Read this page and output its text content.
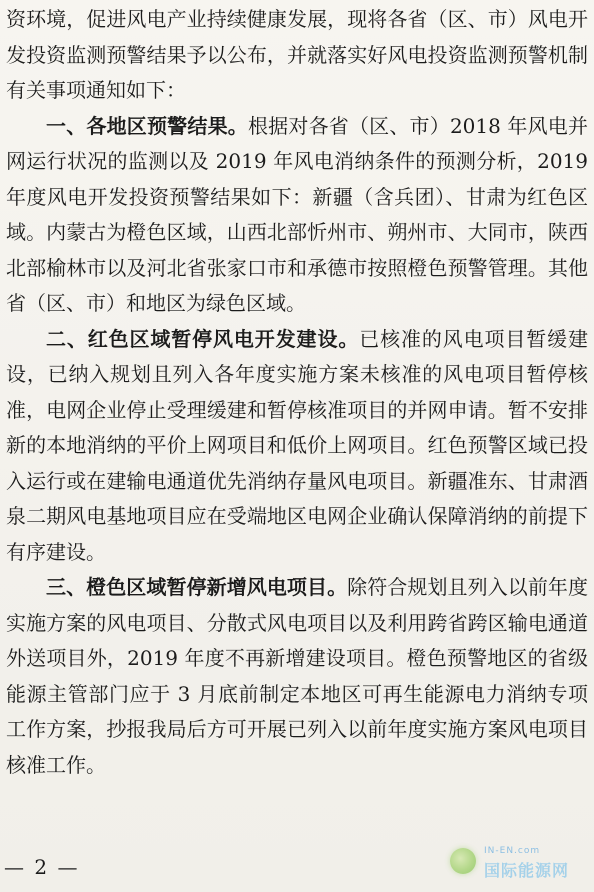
资环境，促进风电产业持续健康发展，现将各省（区、市）风电开发投资监测预警结果予以公布，并就落实好风电投资监测预警机制有关事项通知如下：

一、各地区预警结果。根据对各省（区、市）2018 年风电并网运行状况的监测以及 2019 年风电消纳条件的预测分析，2019 年度风电开发投资预警结果如下：新疆（含兵团）、甘肃为红色区域。内蒙古为橙色区域，山西北部忻州市、朔州市、大同市，陕西北部榆林市以及河北省张家口市和承德市按照橙色预警管理。其他省（区、市）和地区为绿色区域。

二、红色区域暂停风电开发建设。已核准的风电项目暂缓建设，已纳入规划且列入各年度实施方案未核准的风电项目暂停核准，电网企业停止受理缓建和暂停核准项目的并网申请。暂不安排新的本地消纳的平价上网项目和低价上网项目。红色预警区域已投入运行或在建输电通道优先消纳存量风电项目。新疆准东、甘肃酒泉二期风电基地项目应在受端地区电网企业确认保障消纳的前提下有序建设。

三、橙色区域暂停新增风电项目。除符合规划且列入以前年度实施方案的风电项目、分散式风电项目以及利用跨省跨区输电通道外送项目外，2019 年度不再新增建设项目。橙色预警地区的省级能源主管部门应于 3 月底前制定本地区可再生能源电力消纳专项工作方案，抄报我局后方可开展已列入以前年度实施方案风电项目核准工作。

— 2 —
IN-EN.com
国际能源网
